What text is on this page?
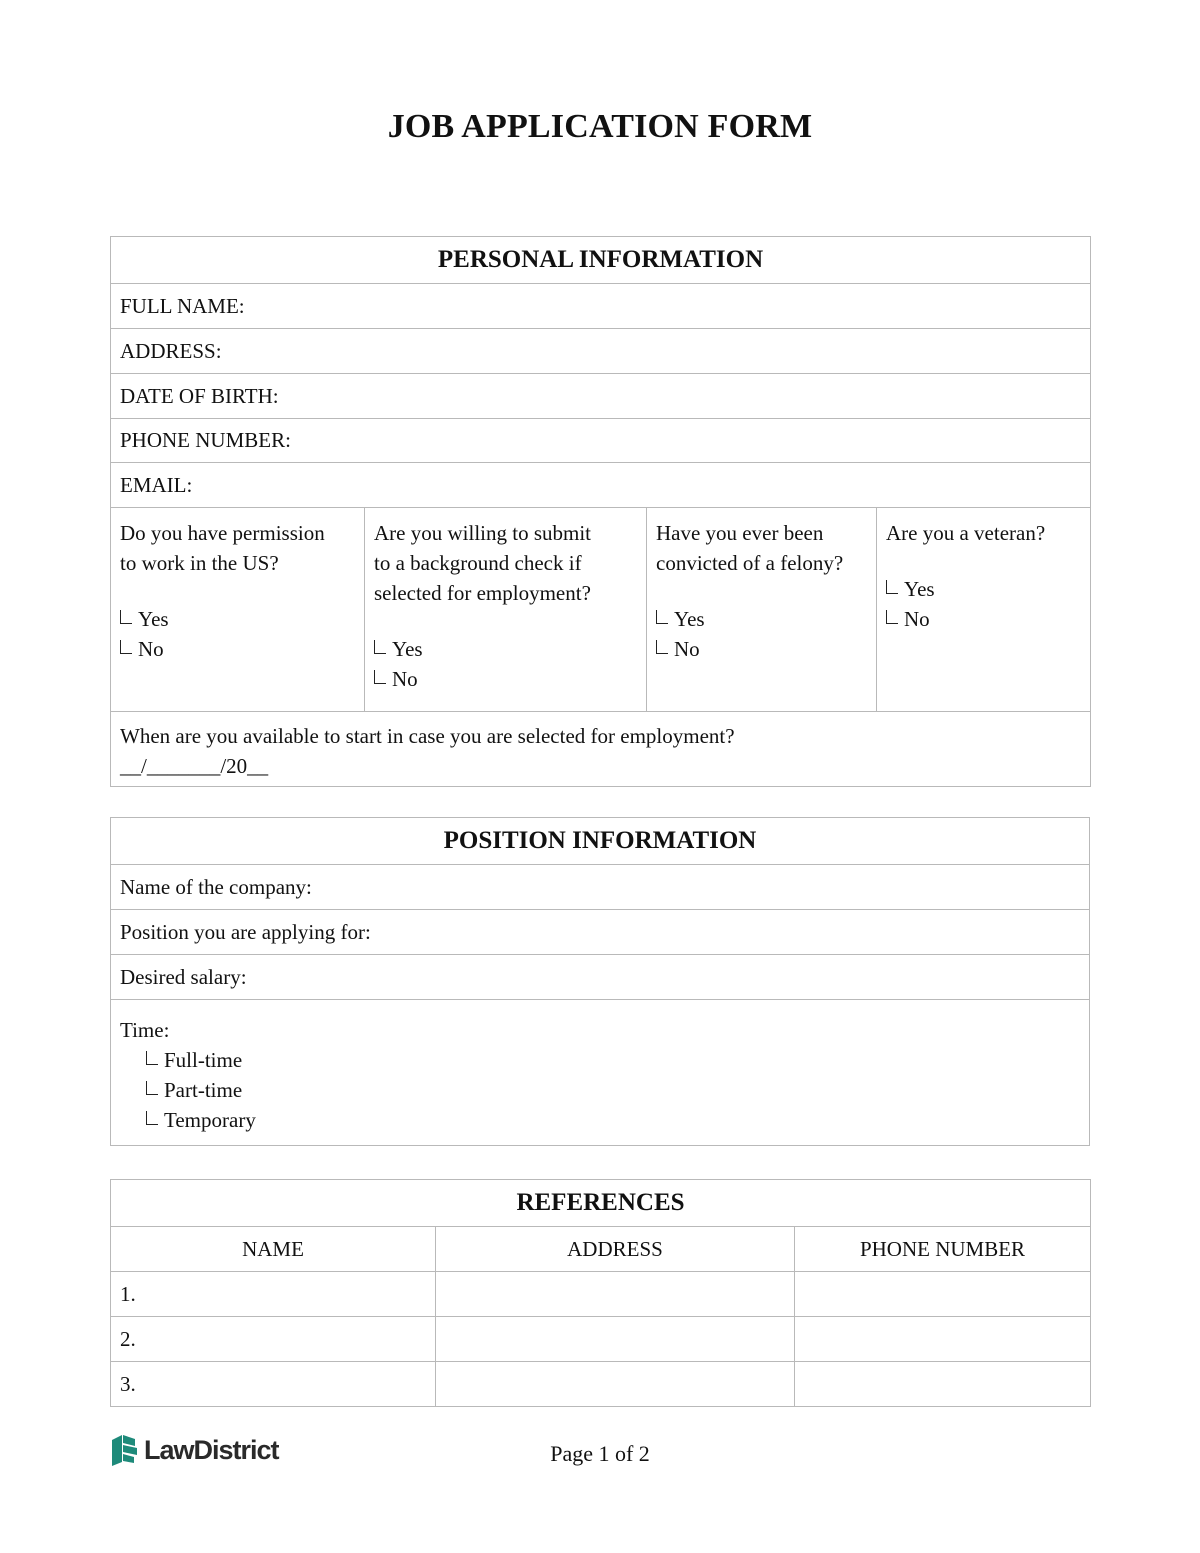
JOB APPLICATION FORM
PERSONAL INFORMATION
FULL NAME:
ADDRESS:
DATE OF BIRTH:
PHONE NUMBER:
EMAIL:

Do you have permission
to work in the US?
Yes
No

Are you willing to submit
to a background check if
selected for employment?
Yes
No

Have you ever been
convicted of a felony?
Yes
No

Are you a veteran?
Yes
No

When are you available to start in case you are selected for employment?
__/_______/20__
POSITION INFORMATION
Name of the company:
Position you are applying for:
Desired salary:

Time:
Full-time
Part-time
Temporary
REFERENCES		
NAME	ADDRESS	PHONE NUMBER
1.		
2.		
3.		
LawDistrict	Page 1 of 2
